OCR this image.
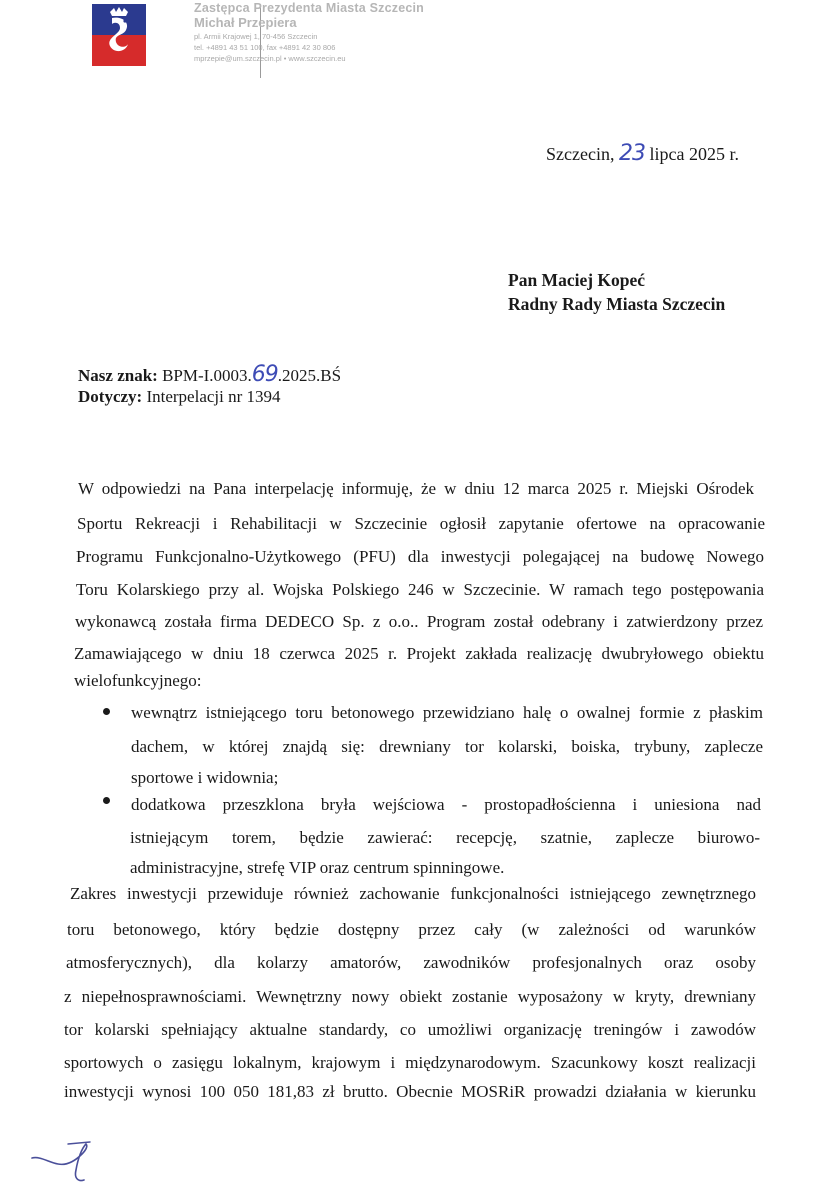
Zastępca Prezydenta Miasta Szczecin
Michał Przepiera
pl. Armii Krajowej 1, 70-456 Szczecin
tel. +4891 43 51 100, fax +4891 42 30 806
mprzepie@um.szczecin.pl • www.szczecin.eu
Szczecin, 23 lipca 2025 r.
Pan Maciej Kopeć
Radny Rady Miasta Szczecin
Nasz znak: BPM-I.0003.69.2025.BŚ
Dotyczy: Interpelacji nr 1394
W odpowiedzi na Pana interpelację informuję, że w dniu 12 marca 2025 r. Miejski Ośrodek
Sportu Rekreacji i Rehabilitacji w Szczecinie ogłosił zapytanie ofertowe na opracowanie
Programu Funkcjonalno-Użytkowego (PFU) dla inwestycji polegającej na budowę Nowego
Toru Kolarskiego przy al. Wojska Polskiego 246 w Szczecinie. W ramach tego postępowania
wykonawcą została firma DEDECO Sp. z o.o.. Program został odebrany i zatwierdzony przez
Zamawiającego w dniu 18 czerwca 2025 r. Projekt zakłada realizację dwubryłowego obiektu
wielofunkcyjnego:
wewnątrz istniejącego toru betonowego przewidziano halę o owalnej formie z płaskim
dachem, w której znajdą się: drewniany tor kolarski, boiska, trybuny, zaplecze
sportowe i widownia;
dodatkowa przeszklona bryła wejściowa - prostopadłościenna i uniesiona nad
istniejącym torem, będzie zawierać: recepcję, szatnie, zaplecze biurowo-
administracyjne, strefę VIP oraz centrum spinningowe.
Zakres inwestycji przewiduje również zachowanie funkcjonalności istniejącego zewnętrznego
toru betonowego, który będzie dostępny przez cały (w zależności od warunków
atmosferycznych), dla kolarzy amatorów, zawodników profesjonalnych oraz osoby
z niepełnosprawnościami. Wewnętrzny nowy obiekt zostanie wyposażony w kryty, drewniany
tor kolarski spełniający aktualne standardy, co umożliwi organizację treningów i zawodów
sportowych o zasięgu lokalnym, krajowym i międzynarodowym. Szacunkowy koszt realizacji
inwestycji wynosi 100 050 181,83 zł brutto. Obecnie MOSRiR prowadzi działania w kierunku
